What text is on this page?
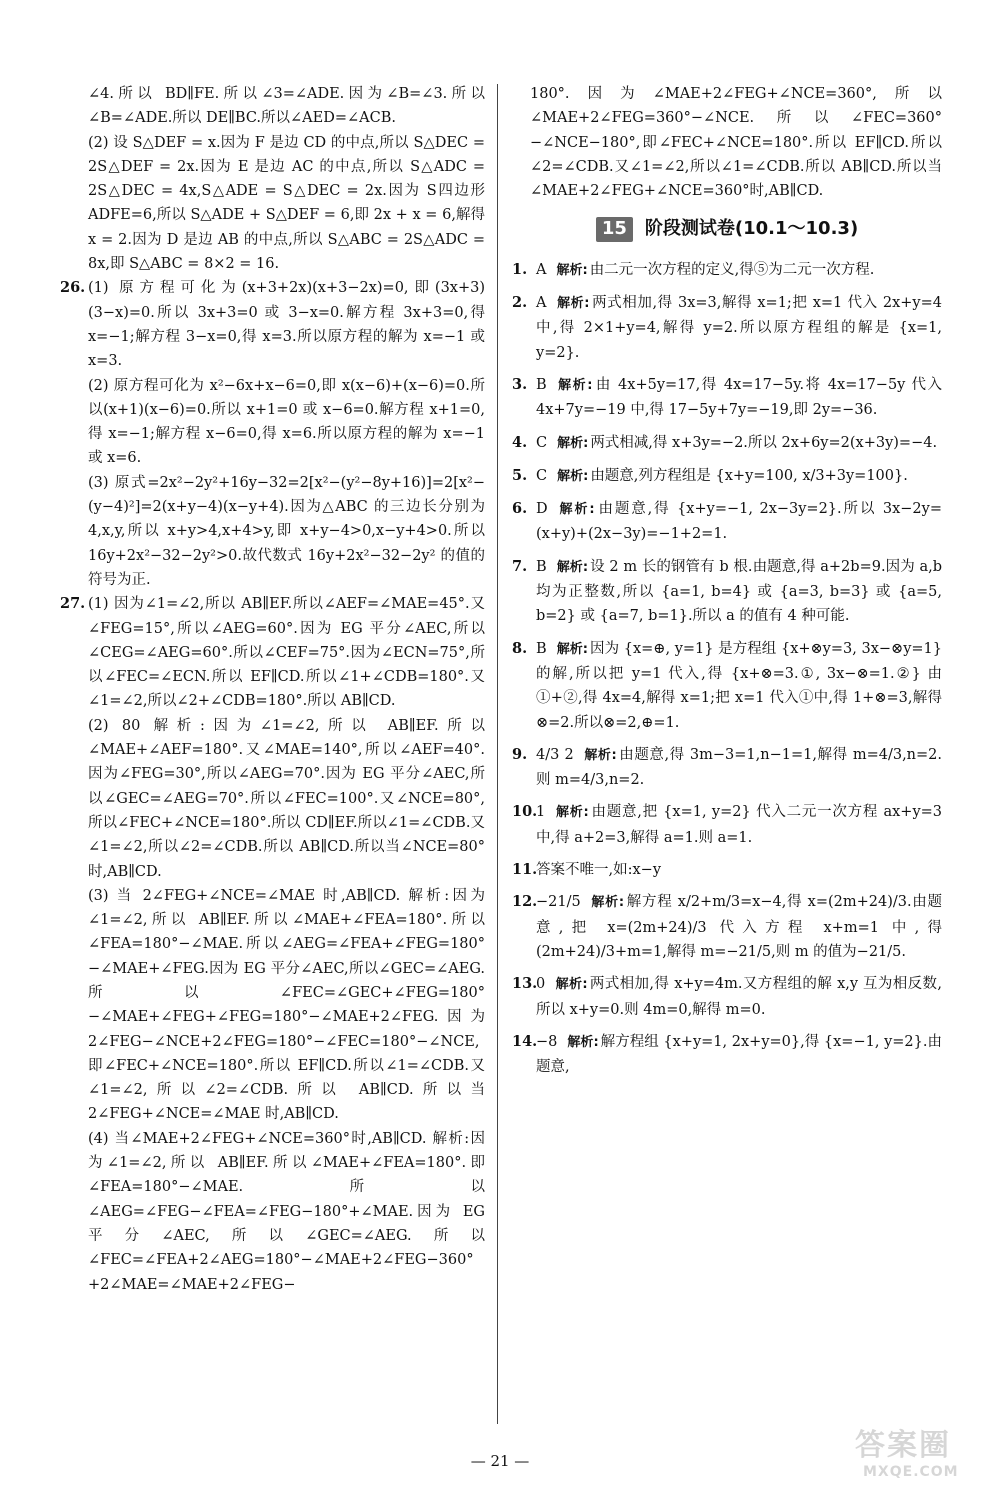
∠4.所以 BD∥FE.所以∠3=∠ADE.因为∠B=∠3.所以∠B=∠ADE.所以 DE∥BC.所以∠AED=∠ACB.

(2) 设 S△DEF = x.因为 F 是边 CD 的中点,所以 S△DEC = 2S△DEF = 2x.因为 E 是边 AC 的中点,所以 S△ADC = 2S△DEC = 4x,S△ADE = S△DEC = 2x.因为 S四边形ADFE=6,所以 S△ADE + S△DEF = 6,即 2x + x = 6,解得 x = 2.因为 D 是边 AB 的中点,所以 S△ABC = 2S△ADC = 8x,即 S△ABC = 8×2 = 16.

26. (1) 原方程可化为(x+3+2x)(x+3−2x)=0,即(3x+3)(3−x)=0.所以 3x+3=0 或 3−x=0.解方程 3x+3=0,得 x=−1;解方程 3−x=0,得 x=3.所以原方程的解为 x=−1 或 x=3.

(2) 原方程可化为 x²−6x+x−6=0,即 x(x−6)+(x−6)=0.所以(x+1)(x−6)=0.所以 x+1=0 或 x−6=0.解方程 x+1=0,得 x=−1;解方程 x−6=0,得 x=6.所以原方程的解为 x=−1 或 x=6.

(3) 原式=2x²−2y²+16y−32=2[x²−(y²−8y+16)]=2[x²−(y−4)²]=2(x+y−4)(x−y+4).因为△ABC 的三边长分别为 4,x,y,所以 x+y>4,x+4>y,即 x+y−4>0,x−y+4>0.所以 16y+2x²−32−2y²>0.故代数式 16y+2x²−32−2y² 的值的符号为正.

27. (1) 因为∠1=∠2,所以 AB∥EF.所以∠AEF=∠MAE=45°.又∠FEG=15°,所以∠AEG=60°.因为 EG 平分∠AEC,所以∠CEG=∠AEG=60°.所以∠CEF=75°.因为∠ECN=75°,所以∠FEC=∠ECN.所以 EF∥CD.所以∠1+∠CDB=180°.又∠1=∠2,所以∠2+∠CDB=180°.所以 AB∥CD.

(2) 80 解析:因为∠1=∠2,所以 AB∥EF.所以∠MAE+∠AEF=180°.又∠MAE=140°,所以∠AEF=40°.因为∠FEG=30°,所以∠AEG=70°.因为 EG 平分∠AEC,所以∠GEC=∠AEG=70°.所以∠FEC=100°.又∠NCE=80°,所以∠FEC+∠NCE=180°.所以 CD∥EF.所以∠1=∠CDB.又∠1=∠2,所以∠2=∠CDB.所以 AB∥CD.所以当∠NCE=80°时,AB∥CD.

(3) 当 2∠FEG+∠NCE=∠MAE 时,AB∥CD. 解析:因为∠1=∠2,所以 AB∥EF.所以∠MAE+∠FEA=180°.所以∠FEA=180°−∠MAE.所以∠AEG=∠FEA+∠FEG=180°−∠MAE+∠FEG.因为 EG 平分∠AEC,所以∠GEC=∠AEG.所以∠FEC=∠GEC+∠FEG=180°−∠MAE+∠FEG+∠FEG=180°−∠MAE+2∠FEG.因为 2∠FEG−∠NCE+2∠FEG=180°−∠FEC=180°−∠NCE,即∠FEC+∠NCE=180°.所以 EF∥CD.所以∠1=∠CDB.又∠1=∠2,所以∠2=∠CDB.所以 AB∥CD.所以当 2∠FEG+∠NCE=∠MAE 时,AB∥CD.

(4) 当∠MAE+2∠FEG+∠NCE=360°时,AB∥CD. 解析:因为∠1=∠2,所以 AB∥EF.所以∠MAE+∠FEA=180°.即∠FEA=180°−∠MAE.所以∠AEG=∠FEG−∠FEA=∠FEG−180°+∠MAE.因为 EG 平分∠AEC,所以∠GEC=∠AEG.所以∠FEC=∠FEA+2∠AEG=180°−∠MAE+2∠FEG−360°+2∠MAE=∠MAE+2∠FEG−

180°.因为∠MAE+2∠FEG+∠NCE=360°,所以∠MAE+2∠FEG=360°−∠NCE.所以∠FEC=360°−∠NCE−180°,即∠FEC+∠NCE=180°.所以 EF∥CD.所以∠2=∠CDB.又∠1=∠2,所以∠1=∠CDB.所以 AB∥CD.所以当∠MAE+2∠FEG+∠NCE=360°时,AB∥CD.

15 阶段测试卷(10.1～10.3)

1. A 解析: 由二元一次方程的定义,得⑤为二元一次方程.

2. A 解析: 两式相加,得 3x=3,解得 x=1;把 x=1 代入 2x+y=4 中,得 2×1+y=4,解得 y=2.所以原方程组的解是 {x=1, y=2}.

3. B 解析: 由 4x+5y=17,得 4x=17−5y.将 4x=17−5y 代入 4x+7y=−19 中,得 17−5y+7y=−19,即 2y=−36.

4. C 解析: 两式相减,得 x+3y=−2.所以 2x+6y=2(x+3y)=−4.

5. C 解析: 由题意,列方程组是 {x+y=100, x/3+3y=100}.

6. D 解析: 由题意,得 {x+y=−1, 2x−3y=2}.所以 3x−2y=(x+y)+(2x−3y)=−1+2=1.

7. B 解析: 设 2 m 长的钢管有 b 根.由题意,得 a+2b=9.因为 a,b 均为正整数,所以 {a=1, b=4} 或 {a=3, b=3} 或 {a=5, b=2} 或 {a=7, b=1}.所以 a 的值有 4 种可能.

8. B 解析: 因为 {x=⊕, y=1} 是方程组 {x+⊗y=3, 3x−⊗y=1} 的解,所以把 y=1 代入,得 {x+⊗=3.①, 3x−⊗=1.②} 由①+②,得 4x=4,解得 x=1;把 x=1 代入①中,得 1+⊗=3,解得⊗=2.所以⊗=2,⊕=1.

9. 4/3 2 解析: 由题意,得 3m−3=1,n−1=1,解得 m=4/3,n=2.则 m=4/3,n=2.

10.1 解析: 由题意,把 {x=1, y=2} 代入二元一次方程 ax+y=3 中,得 a+2=3,解得 a=1.则 a=1.

11.答案不唯一,如:x−y

12.−21/5 解析: 解方程 x/2+m/3=x−4,得 x=(2m+24)/3.由题意,把 x=(2m+24)/3 代入方程 x+m=1 中,得 (2m+24)/3+m=1,解得 m=−21/5,则 m 的值为−21/5.

13.0 解析: 两式相加,得 x+y=4m.又方程组的解 x,y 互为相反数,所以 x+y=0.则 4m=0,解得 m=0.

14.−8 解析: 解方程组 {x+y=1, 2x+y=0},得 {x=−1, y=2}.由题意,

— 21 —	答案圈
MXQE.COM
